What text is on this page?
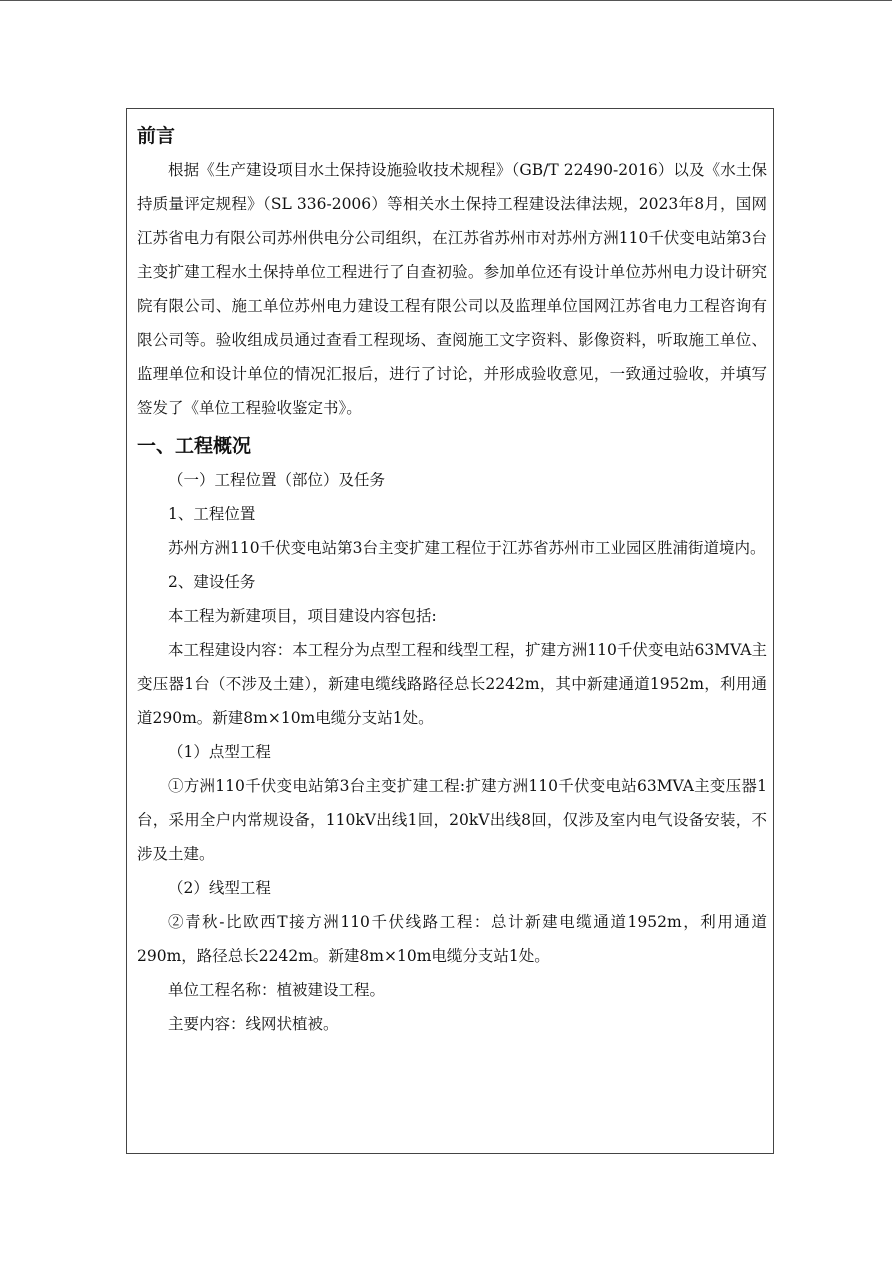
前言

根据《生产建设项目水土保持设施验收技术规程》（GB/T 22490-2016）以及《水土保持质量评定规程》（SL 336-2006）等相关水土保持工程建设法律法规，2023年8月，国网江苏省电力有限公司苏州供电分公司组织，在江苏省苏州市对苏州方洲110千伏变电站第3台主变扩建工程水土保持单位工程进行了自查初验。参加单位还有设计单位苏州电力设计研究院有限公司、施工单位苏州电力建设工程有限公司以及监理单位国网江苏省电力工程咨询有限公司等。验收组成员通过查看工程现场、查阅施工文字资料、影像资料，听取施工单位、监理单位和设计单位的情况汇报后，进行了讨论，并形成验收意见，一致通过验收，并填写签发了《单位工程验收鉴定书》。

一、工程概况

（一）工程位置（部位）及任务

1、工程位置

苏州方洲110千伏变电站第3台主变扩建工程位于江苏省苏州市工业园区胜浦街道境内。

2、建设任务

本工程为新建项目，项目建设内容包括:

本工程建设内容：本工程分为点型工程和线型工程，扩建方洲110千伏变电站63MVA主变压器1台（不涉及土建），新建电缆线路路径总长2242m，其中新建通道1952m，利用通道290m。新建8m×10m电缆分支站1处。

（1）点型工程

①方洲110千伏变电站第3台主变扩建工程:扩建方洲110千伏变电站63MVA主变压器1台，采用全户内常规设备，110kV出线1回，20kV出线8回，仅涉及室内电气设备安装，不涉及土建。

（2）线型工程

②青秋-比欧西T接方洲110千伏线路工程：总计新建电缆通道1952m，利用通道290m，路径总长2242m。新建8m×10m电缆分支站1处。

单位工程名称：植被建设工程。

主要内容：线网状植被。
